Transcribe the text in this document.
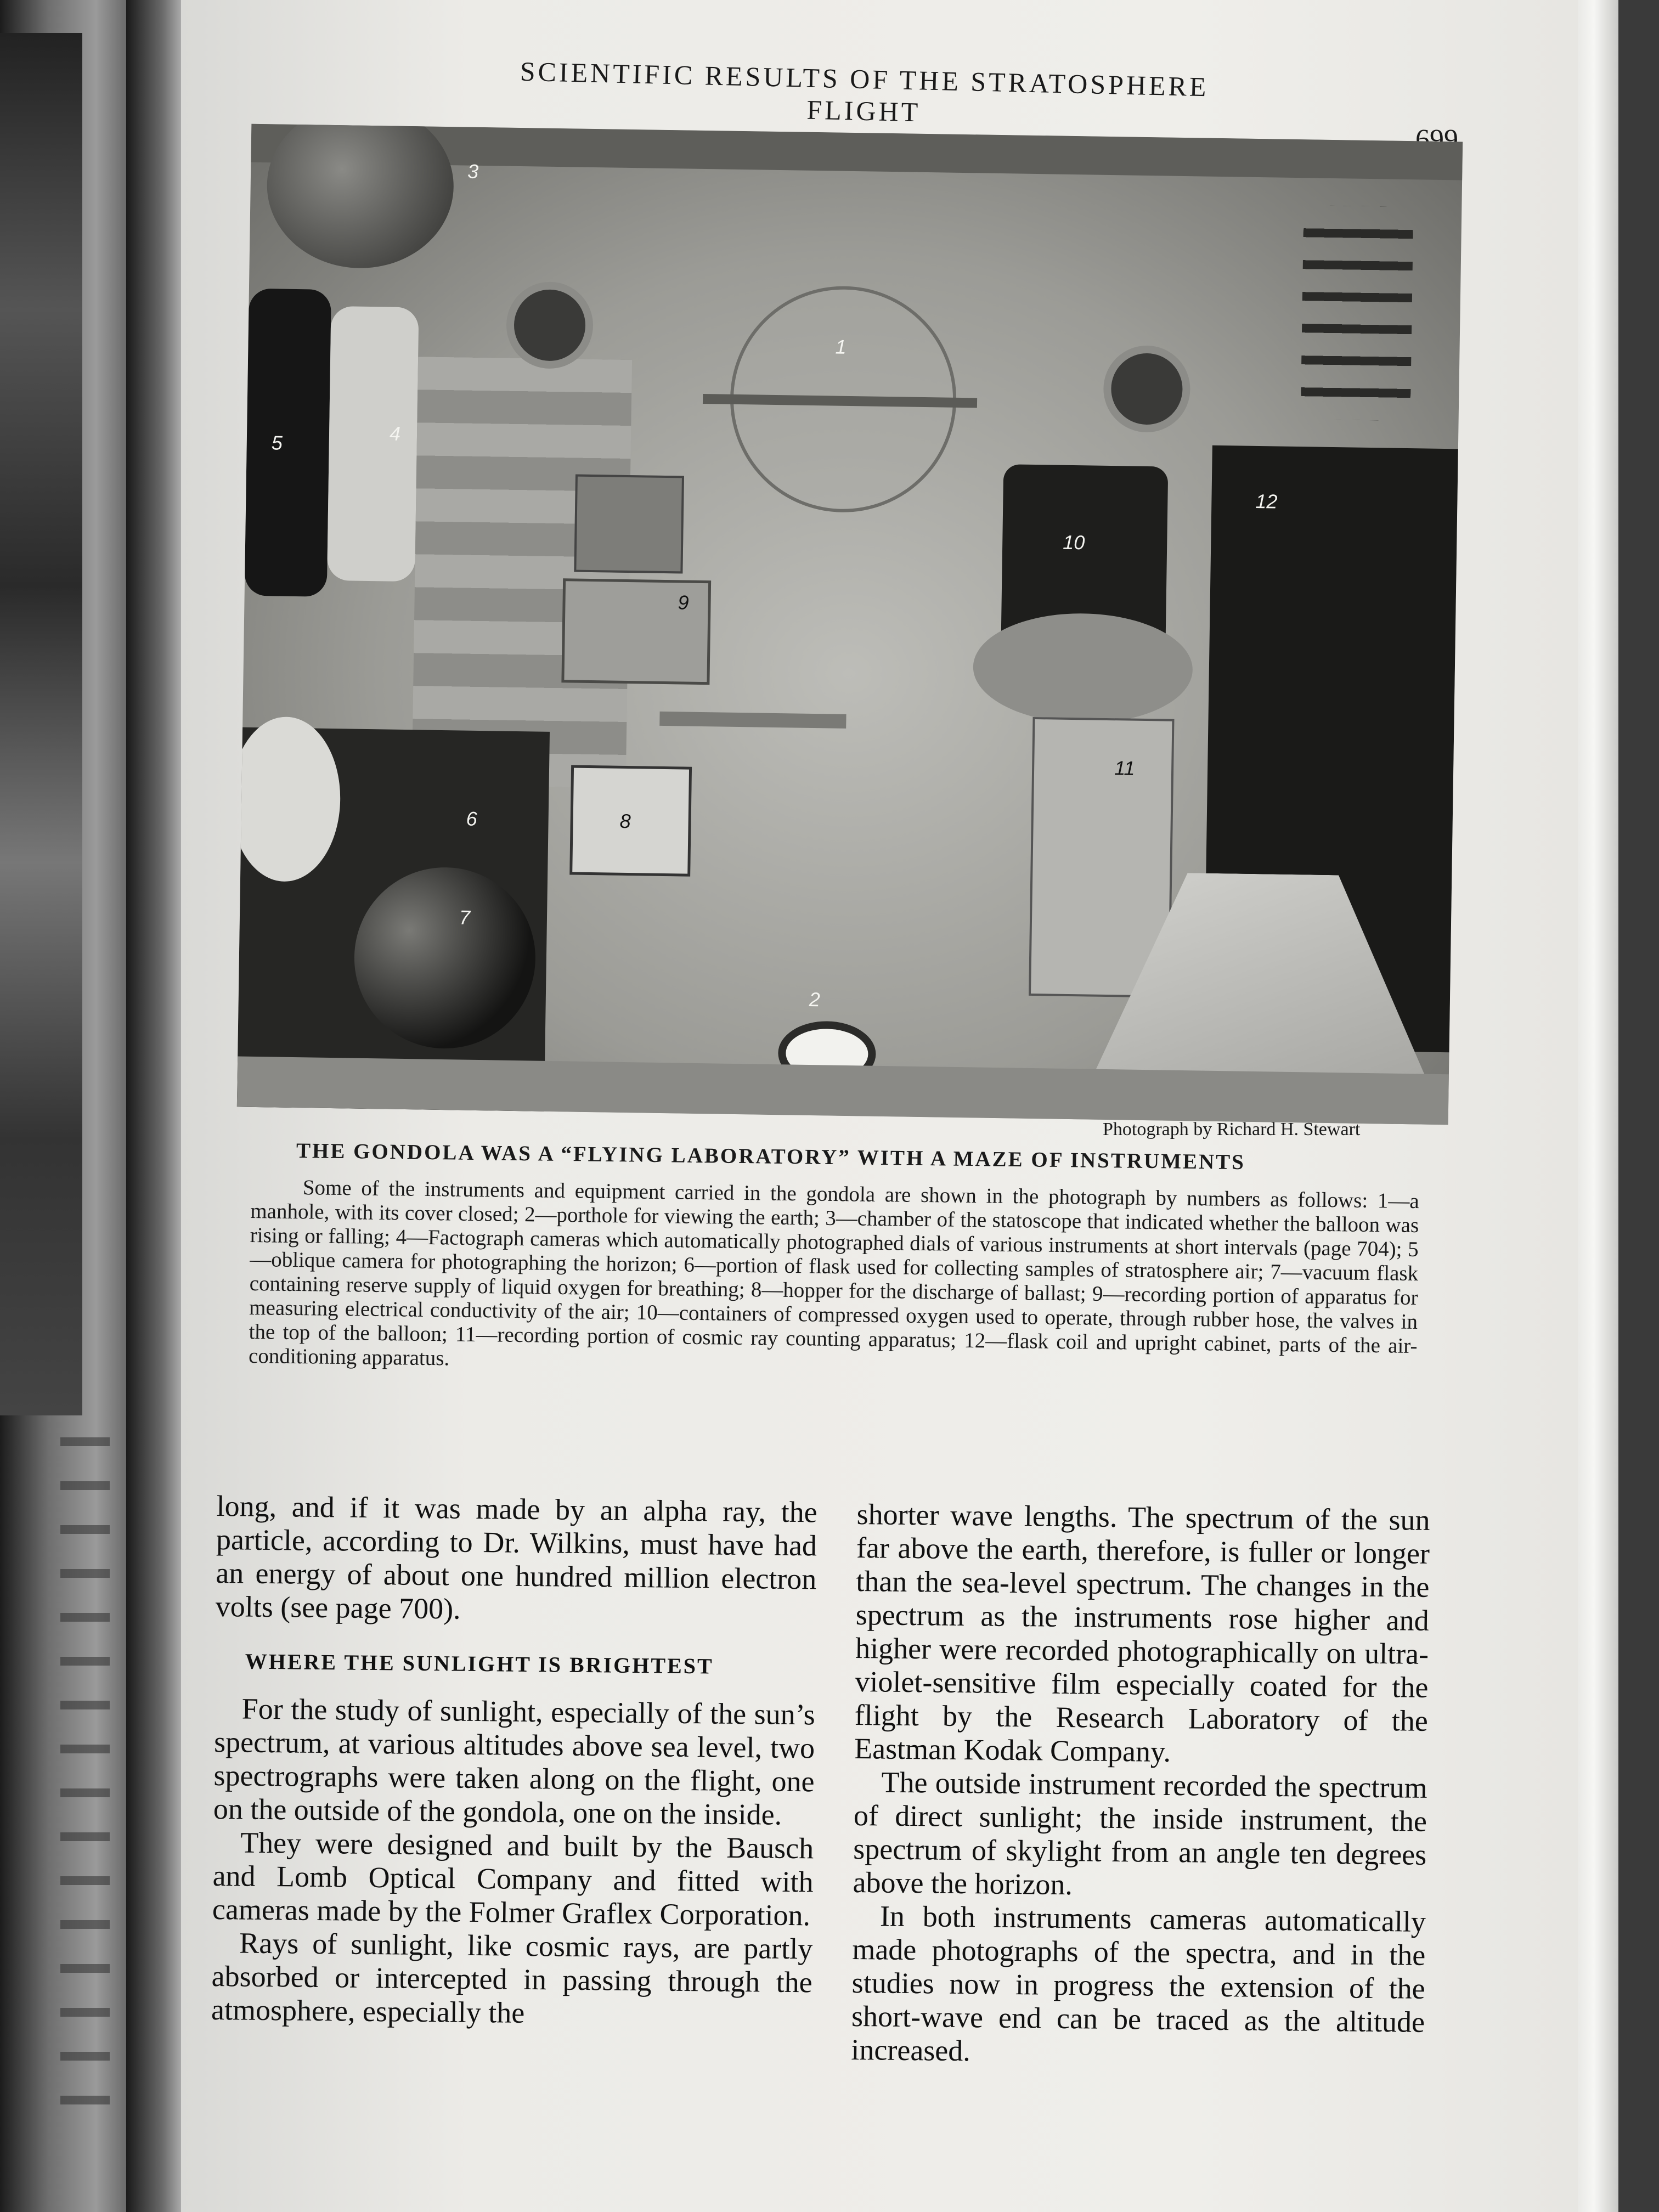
SCIENTIFIC RESULTS OF THE STRATOSPHERE FLIGHT
699
1
2
3
4
5
6
7
8
9
10
11
12
Photograph by Richard H. Stewart
THE GONDOLA WAS A “FLYING LABORATORY” WITH A MAZE OF INSTRUMENTS
Some of the instruments and equipment carried in the gondola are shown in the photograph by numbers as follows: 1—a manhole, with its cover closed; 2—porthole for viewing the earth; 3—chamber of the statoscope that indicated whether the balloon was rising or falling; 4—Factograph cameras which automatically photographed dials of various instruments at short intervals (page 704); 5—oblique camera for photographing the horizon; 6—portion of flask used for collecting samples of stratosphere air; 7—vacuum flask containing reserve supply of liquid oxygen for breathing; 8—hopper for the discharge of ballast; 9—recording portion of apparatus for measuring electrical conductivity of the air; 10—containers of compressed oxygen used to operate, through rubber hose, the valves in the top of the balloon; 11—recording portion of cosmic ray counting apparatus; 12—flask coil and upright cabinet, parts of the air-conditioning apparatus.

long, and if it was made by an alpha ray, the particle, according to Dr. Wilkins, must have had an energy of about one hundred million electron volts (see page 700).

WHERE THE SUNLIGHT IS BRIGHTEST

For the study of sunlight, especially of the sun’s spectrum, at various altitudes above sea level, two spectrographs were taken along on the flight, one on the outside of the gondola, one on the inside.

They were designed and built by the Bausch and Lomb Optical Company and fitted with cameras made by the Folmer Graflex Corporation.

Rays of sunlight, like cosmic rays, are partly absorbed or intercepted in passing through the atmosphere, especially the

shorter wave lengths. The spectrum of the sun far above the earth, therefore, is fuller or longer than the sea-level spectrum. The changes in the spectrum as the instruments rose higher and higher were recorded photographically on ultra-violet-sensitive film especially coated for the flight by the Research Laboratory of the Eastman Kodak Company.

The outside instrument recorded the spectrum of direct sunlight; the inside instrument, the spectrum of skylight from an angle ten degrees above the horizon.

In both instruments cameras automatically made photographs of the spectra, and in the studies now in progress the extension of the short-wave end can be traced as the altitude increased.
